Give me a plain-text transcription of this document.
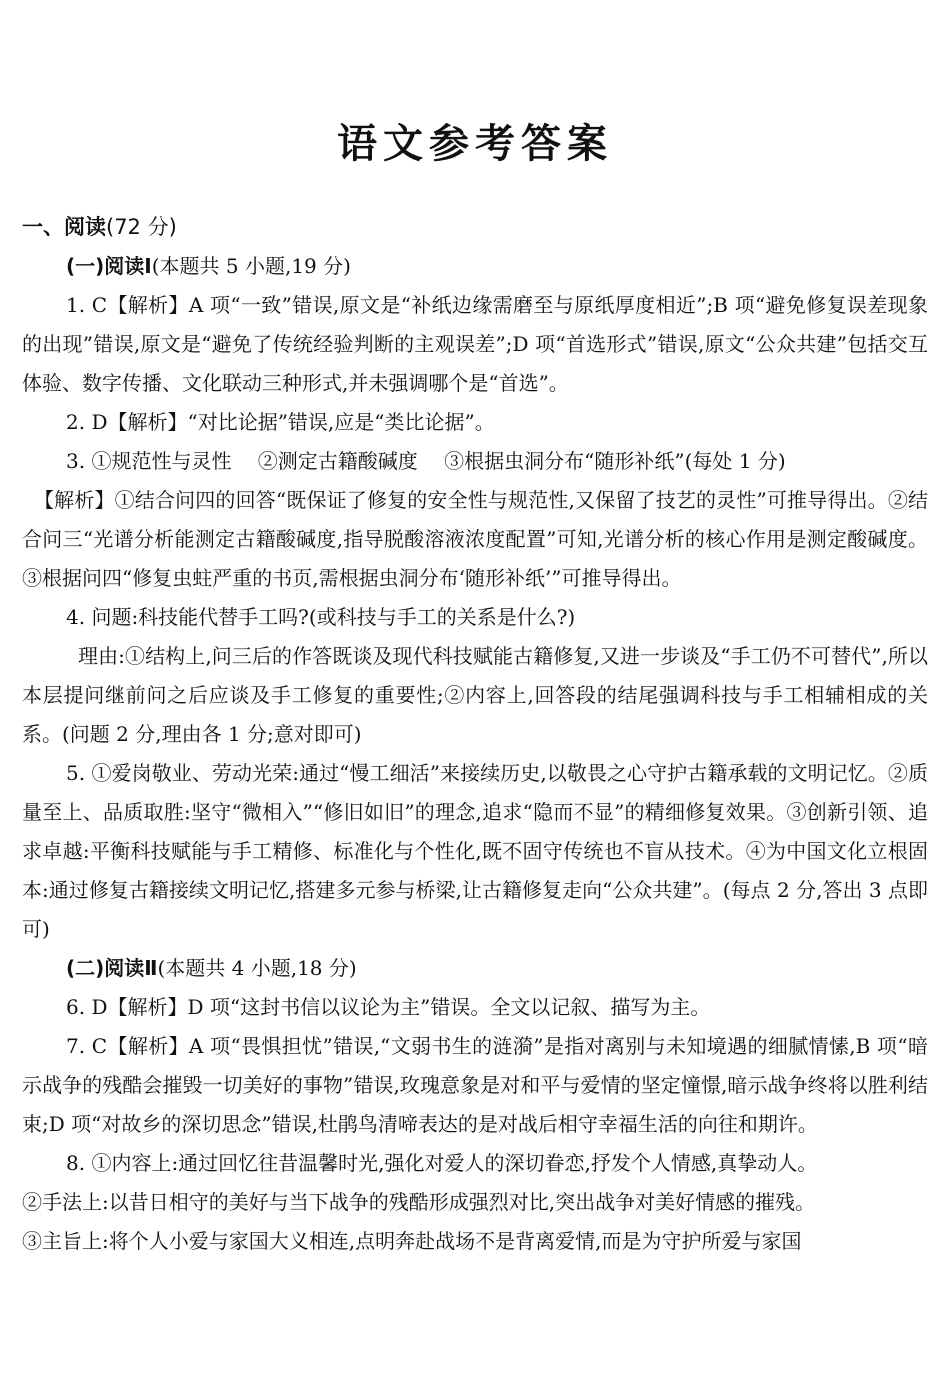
语文参考答案

一、阅读(72 分)

(一)阅读Ⅰ(本题共 5 小题,19 分)

1. C【解析】A 项“一致”错误,原文是“补纸边缘需磨至与原纸厚度相近”;B 项“避免修复误差现象的出现”错误,原文是“避免了传统经验判断的主观误差”;D 项“首选形式”错误,原文“公众共建”包括交互体验、数字传播、文化联动三种形式,并未强调哪个是“首选”。

2. D【解析】“对比论据”错误,应是“类比论据”。

3. ①规范性与灵性　 ②测定古籍酸碱度　 ③根据虫洞分布“随形补纸”(每处 1 分)

【解析】①结合问四的回答“既保证了修复的安全性与规范性,又保留了技艺的灵性”可推导得出。②结合问三“光谱分析能测定古籍酸碱度,指导脱酸溶液浓度配置”可知,光谱分析的核心作用是测定酸碱度。③根据问四“修复虫蛀严重的书页,需根据虫洞分布‘随形补纸’”可推导得出。

4. 问题:科技能代替手工吗?(或科技与手工的关系是什么?)

理由:①结构上,问三后的作答既谈及现代科技赋能古籍修复,又进一步谈及“手工仍不可替代”,所以本层提问继前问之后应谈及手工修复的重要性;②内容上,回答段的结尾强调科技与手工相辅相成的关系。(问题 2 分,理由各 1 分;意对即可)

5. ①爱岗敬业、劳动光荣:通过“慢工细活”来接续历史,以敬畏之心守护古籍承载的文明记忆。②质量至上、品质取胜:坚守“微相入”“修旧如旧”的理念,追求“隐而不显”的精细修复效果。③创新引领、追求卓越:平衡科技赋能与手工精修、标准化与个性化,既不固守传统也不盲从技术。④为中国文化立根固本:通过修复古籍接续文明记忆,搭建多元参与桥梁,让古籍修复走向“公众共建”。(每点 2 分,答出 3 点即可)

(二)阅读Ⅱ(本题共 4 小题,18 分)

6. D【解析】D 项“这封书信以议论为主”错误。全文以记叙、描写为主。

7. C【解析】A 项“畏惧担忧”错误,“文弱书生的涟漪”是指对离别与未知境遇的细腻情愫,B 项“暗示战争的残酷会摧毁一切美好的事物”错误,玫瑰意象是对和平与爱情的坚定憧憬,暗示战争终将以胜利结束;D 项“对故乡的深切思念”错误,杜鹃鸟清啼表达的是对战后相守幸福生活的向往和期许。

8. ①内容上:通过回忆往昔温馨时光,强化对爱人的深切眷恋,抒发个人情感,真挚动人。

②手法上:以昔日相守的美好与当下战争的残酷形成强烈对比,突出战争对美好情感的摧残。

③主旨上:将个人小爱与家国大义相连,点明奔赴战场不是背离爱情,而是为守护所爱与家国
